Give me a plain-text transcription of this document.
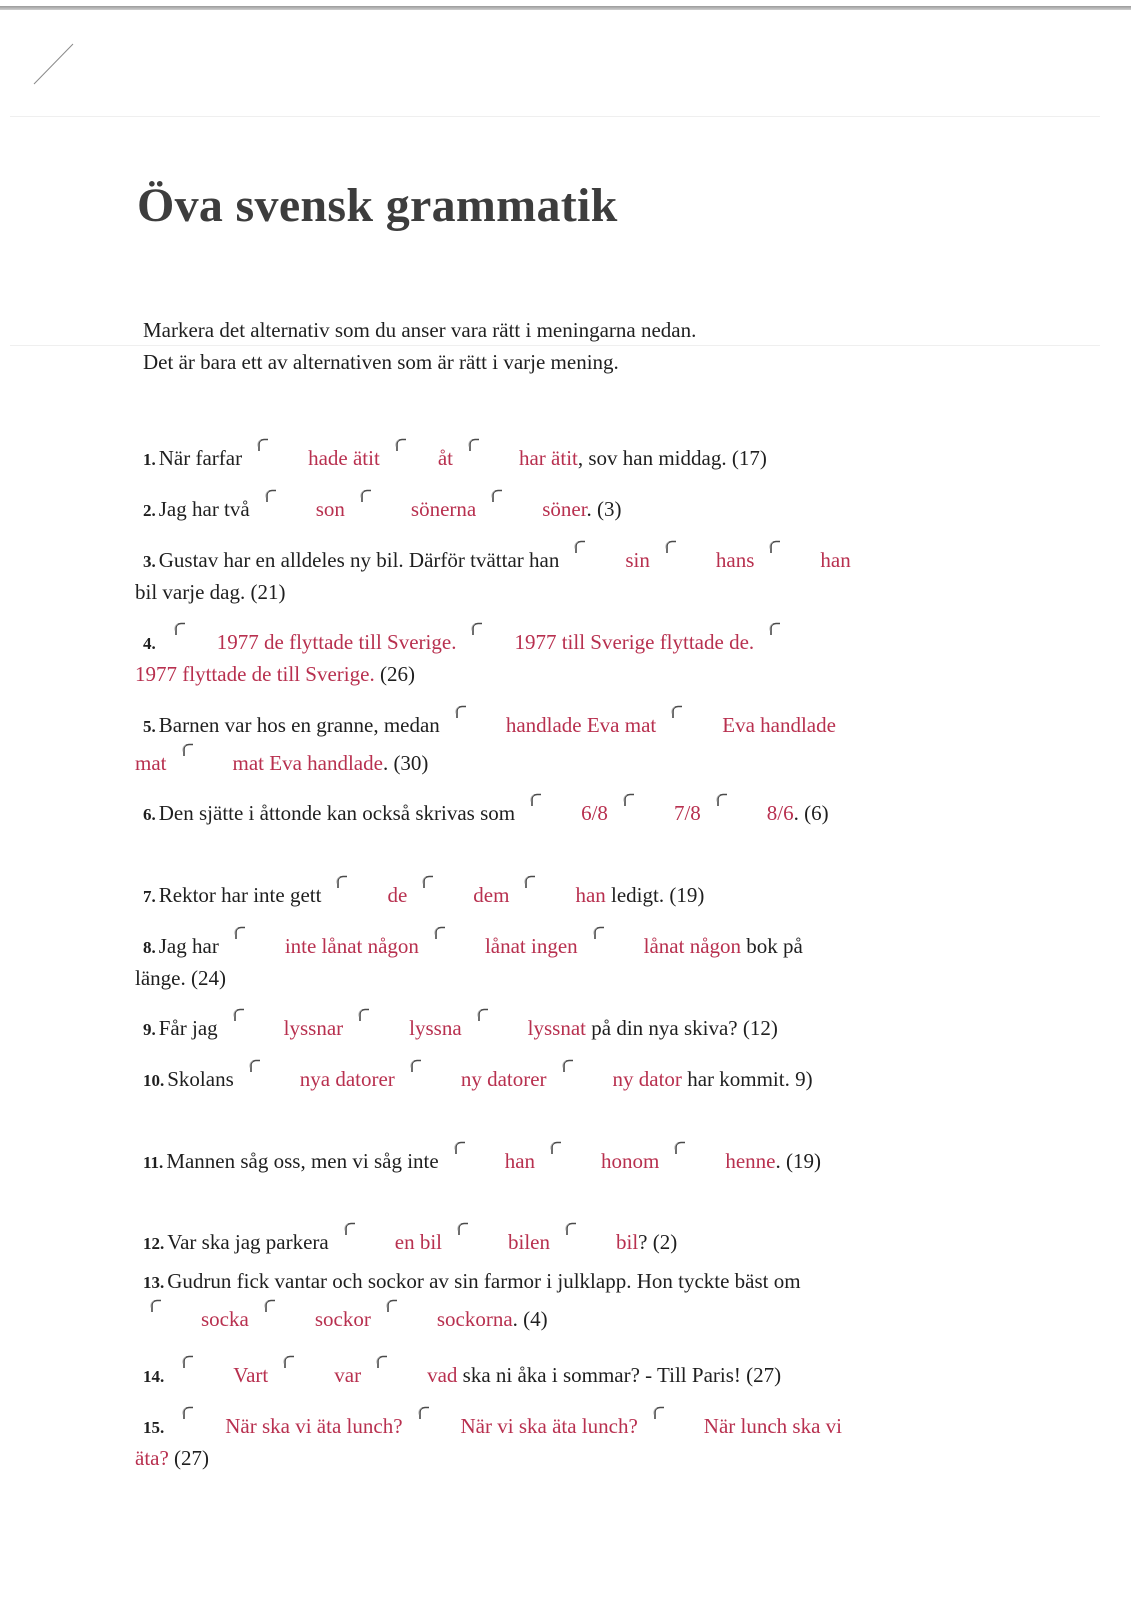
Öva svensk grammatik
Markera det alternativ som du anser vara rätt i meningarna nedan.
Det är bara ett av alternativen som är rätt i varje mening.
1. När farfar	hade ätit	åt	har ätit, sov han middag. (17)
2. Jag har två	son	sönerna	söner. (3)
3. Gustav har en alldeles ny bil. Därför tvättar han	sin	hans	han bil varje dag. (21)
4.	1977 de flyttade till Sverige.	1977 till Sverige flyttade de.
1977 flyttade de till Sverige. (26)
5. Barnen var hos en granne, medan	handlade Eva mat	Eva handlade mat	mat Eva handlade. (30)
6. Den sjätte i åttonde kan också skrivas som	6/8	7/8	8/6. (6)
7. Rektor har inte gett	de	dem	han ledigt. (19)
8. Jag har	inte lånat någon	lånat ingen	lånat någon bok på länge. (24)
9. Får jag	lyssnar	lyssna	lyssnat på din nya skiva? (12)
10. Skolans	nya datorer	ny datorer	ny dator har kommit. 9)
11. Mannen såg oss, men vi såg inte	han	honom	henne. (19)
12. Var ska jag parkera	en bil	bilen	bil? (2)
13. Gudrun fick vantar och sockor av sin farmor i julklapp. Hon tyckte bäst om
socka	sockor	sockorna. (4)
14.	Vart	var	vad ska ni åka i sommar? - Till Paris! (27)
15.	När ska vi äta lunch?	När vi ska äta lunch?	När lunch ska vi äta? (27)
